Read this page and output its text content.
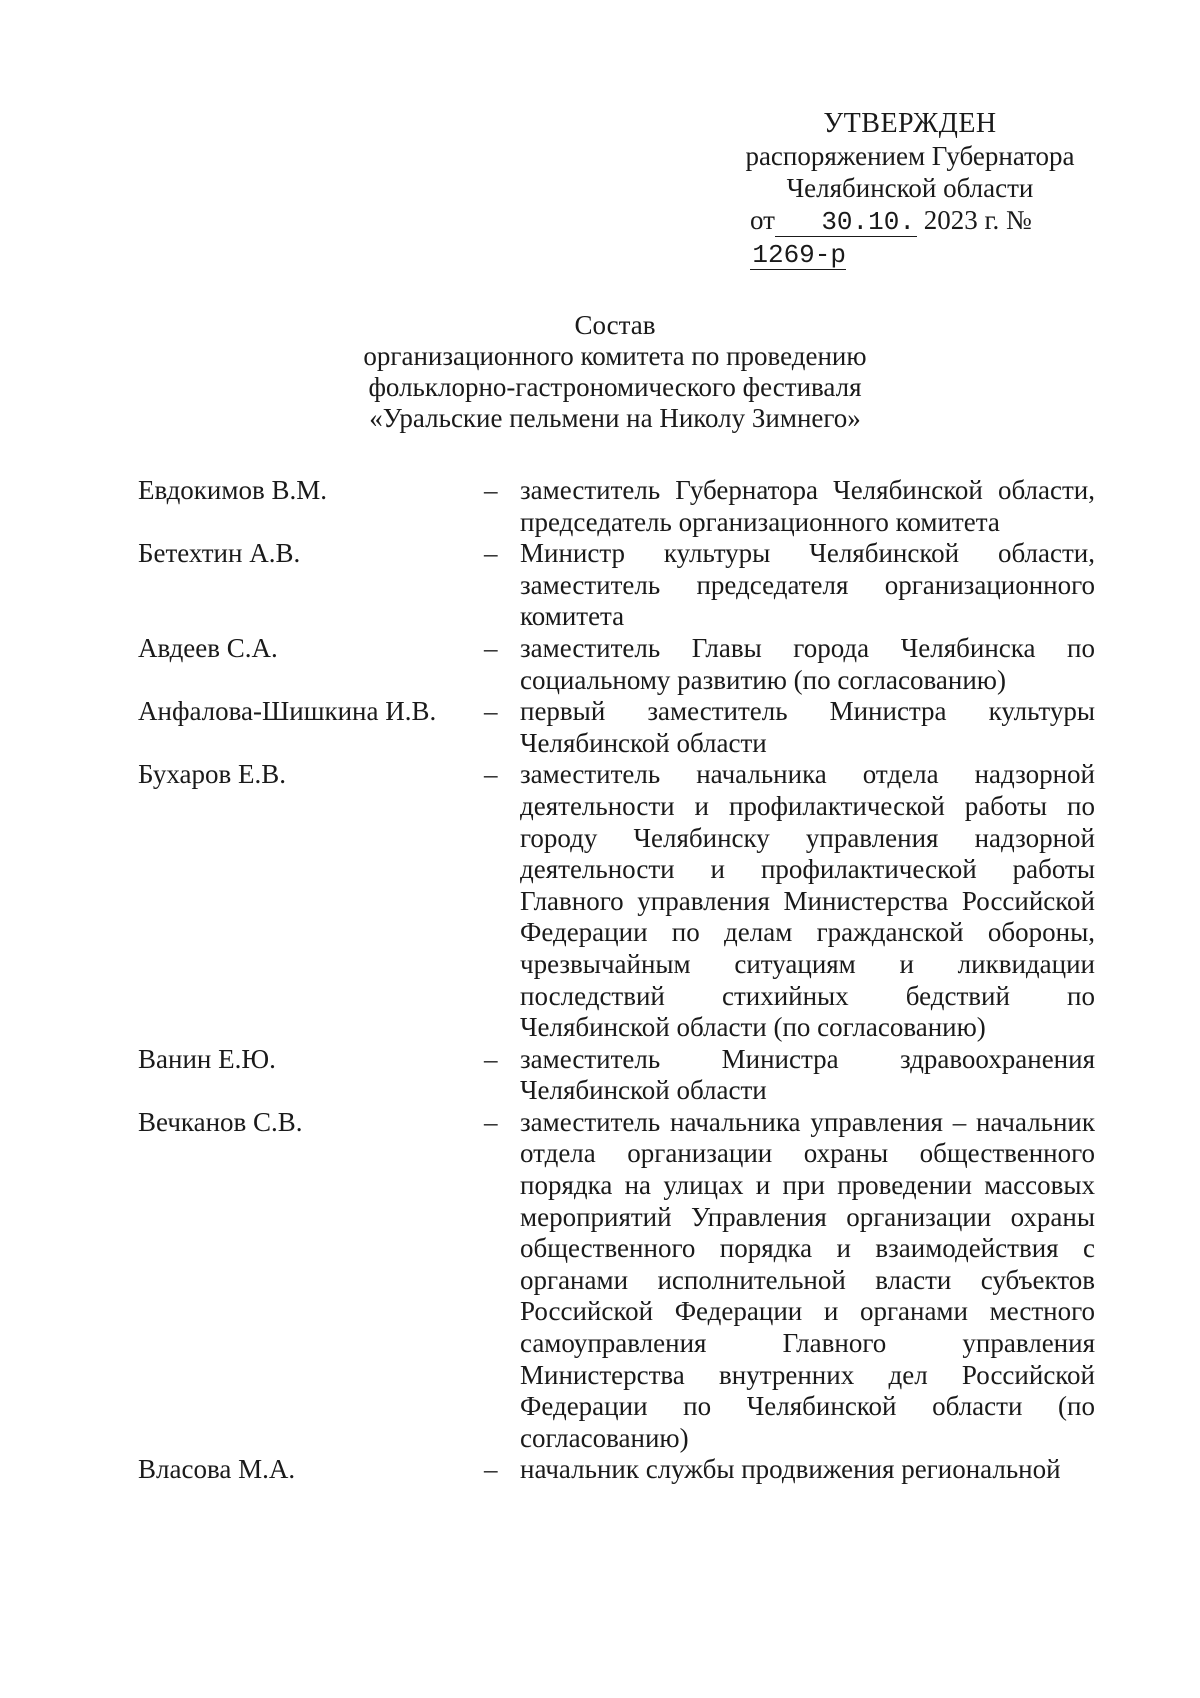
УТВЕРЖДЕН
распоряжением Губернатора
Челябинской области
от 30.10. 2023 г. № 1269-р
Состав
организационного комитета по проведению
фольклорно-гастрономического фестиваля
«Уральские пельмени на Николу Зимнего»
Евдокимов В.М.	– заместитель Губернатора Челябинской области, председатель организационного комитета
Бетехтин А.В.	– Министр культуры Челябинской области, заместитель председателя организационного комитета
Авдеев С.А.	– заместитель Главы города Челябинска по социальному развитию (по согласованию)
Анфалова-Шишкина И.В. – первый заместитель Министра культуры Челябинской области
Бухаров Е.В.	– заместитель начальника отдела надзорной деятельности и профилактической работы по городу Челябинску управления надзорной деятельности и профилактической работы Главного управления Министерства Российской Федерации по делам гражданской обороны, чрезвычайным ситуациям и ликвидации последствий стихийных бедствий по Челябинской области (по согласованию)
Ванин Е.Ю.	– заместитель Министра здравоохранения Челябинской области
Вечканов С.В.	– заместитель начальника управления – начальник отдела организации охраны общественного порядка на улицах и при проведении массовых мероприятий Управления организации охраны общественного порядка и взаимодействия с органами исполнительной власти субъектов Российской Федерации и органами местного самоуправления Главного управления Министерства внутренних дел Российской Федерации по Челябинской области (по согласованию)
Власова М.А.	– начальник службы продвижения региональной
